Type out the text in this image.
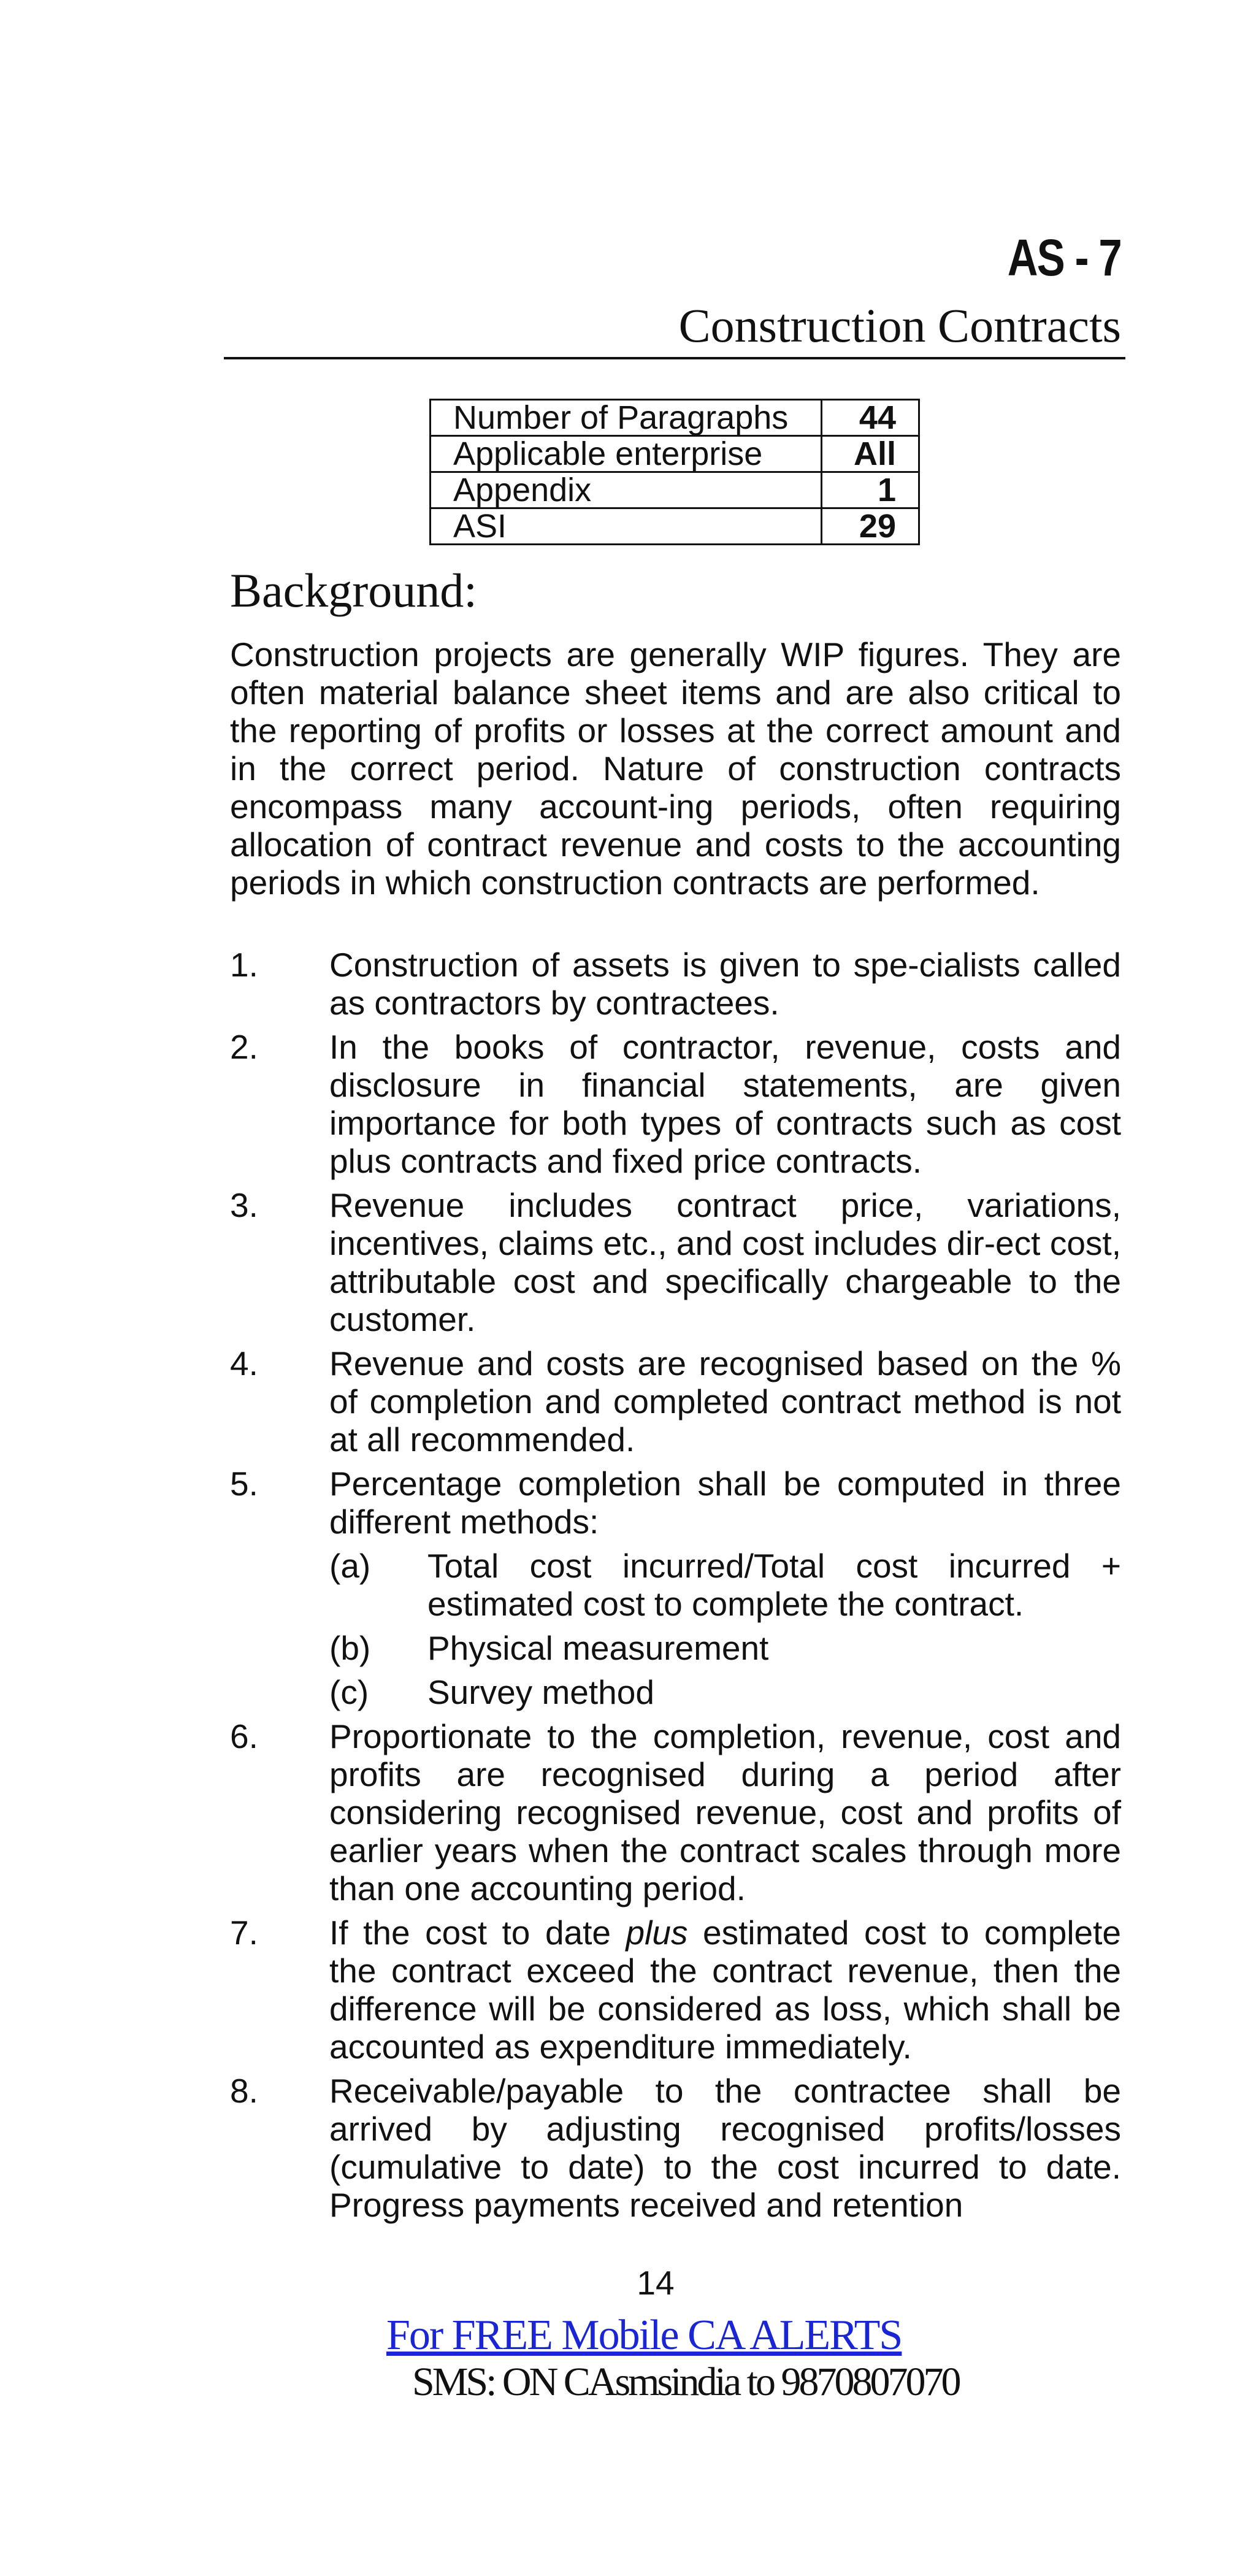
AS - 7
Construction Contracts
Number of Paragraphs	44
Applicable enterprise	All
Appendix	1
ASI	29
Background:
Construction projects are generally WIP figures. They are often material balance sheet items and are also critical to the reporting of profits or losses at the correct amount and in the correct period. Nature of construction contracts encompass many account-ing periods, often requiring allocation of contract revenue and costs to the accounting periods in which construction contracts are performed.
1.	Construction of assets is given to spe-cialists called as contractors by contractees.
2.	In the books of contractor, revenue, costs and disclosure in financial statements, are given importance for both types of contracts such as cost plus contracts and fixed price contracts.
3.	Revenue includes contract price, variations, incentives, claims etc., and cost includes dir-ect cost, attributable cost and specifically chargeable to the customer.
4.	Revenue and costs are recognised based on the % of completion and completed contract method is not at all recommended.
5.	Percentage completion shall be computed in three different methods:
(a)	Total cost incurred/Total cost incurred + estimated cost to complete the contract.
(b)	Physical measurement
(c)	Survey method
6.	Proportionate to the completion, revenue, cost and profits are recognised during a period after considering recognised revenue, cost and profits of earlier years when the contract scales through more than one accounting period.
7.	If the cost to date plus estimated cost to complete the contract exceed the contract revenue, then the difference will be considered as loss, which shall be accounted as expenditure immediately.
8.	Receivable/payable to the contractee shall be arrived by adjusting recognised profits/losses (cumulative to date) to the cost incurred to date. Progress payments received and retention
14
For FREE Mobile CA ALERTS
SMS: ON CAsmsindia to 9870807070
